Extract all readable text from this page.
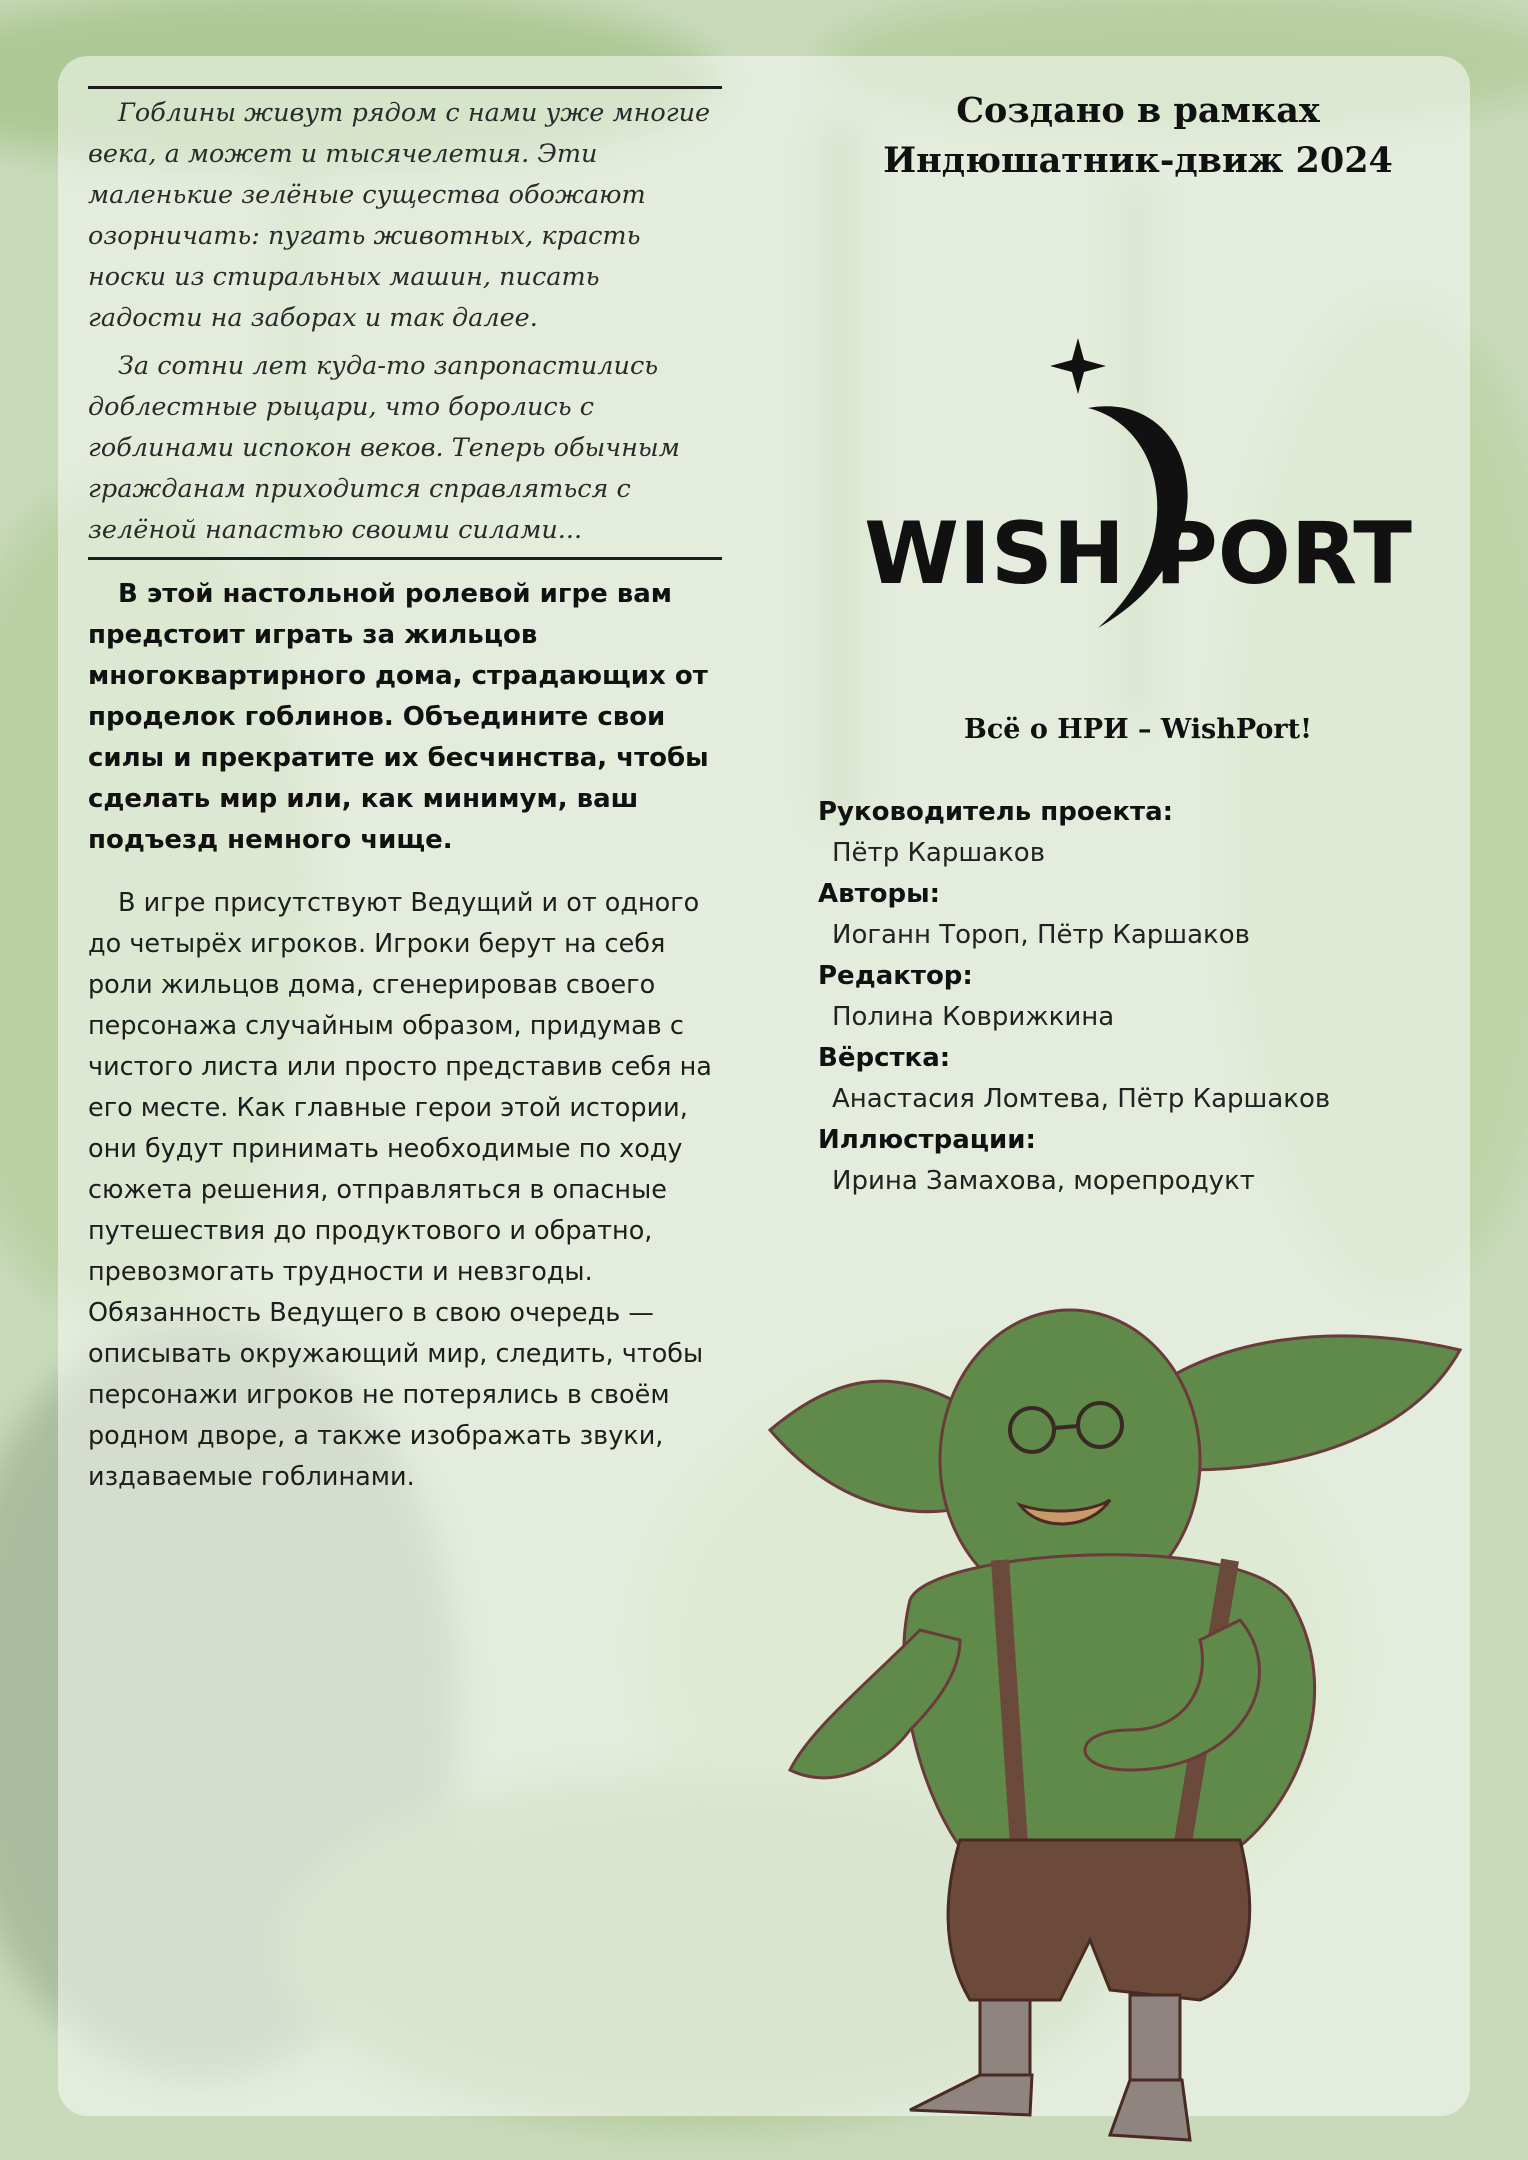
Гоблины живут рядом с нами уже многие века, а может и тысячелетия. Эти маленькие зелёные существа обожают озорничать: пугать животных, красть носки из стиральных машин, писать гадости на заборах и так далее.

За сотни лет куда-то запропастились доблестные рыцари, что боролись с гоблинами испокон веков. Теперь обычным гражданам приходится справляться с зелёной напастью своими силами...

В этой настольной ролевой игре вам предстоит играть за жильцов многоквартирного дома, страдающих от проделок гоблинов. Объедините свои силы и прекратите их бесчинства, чтобы сделать мир или, как минимум, ваш подъезд немного чище.

В игре присутствуют Ведущий и от одного до четырёх игроков. Игроки берут на себя роли жильцов дома, сгенерировав своего персонажа случайным образом, придумав с чистого листа или просто представив себя на его месте. Как главные герои этой истории, они будут принимать необходимые по ходу сюжета решения, отправляться в опасные путешествия до продуктового и обратно, превозмогать трудности и невзгоды. Обязанность Ведущего в свою очередь — описывать окружающий мир, следить, чтобы персонажи игроков не потерялись в своём родном дворе, а также изображать звуки, издаваемые гоблинами.

Создано в рамках

Индюшатник-движ 2024

WISH PORT
Всё о НРИ – WishPort!
Руководитель проекта:
Пётр Каршаков
Авторы:
Иоганн Тороп, Пётр Каршаков
Редактор:
Полина Коврижкина
Вёрстка:
Анастасия Ломтева, Пётр Каршаков
Иллюстрации:
Ирина Замахова, морепродукт
